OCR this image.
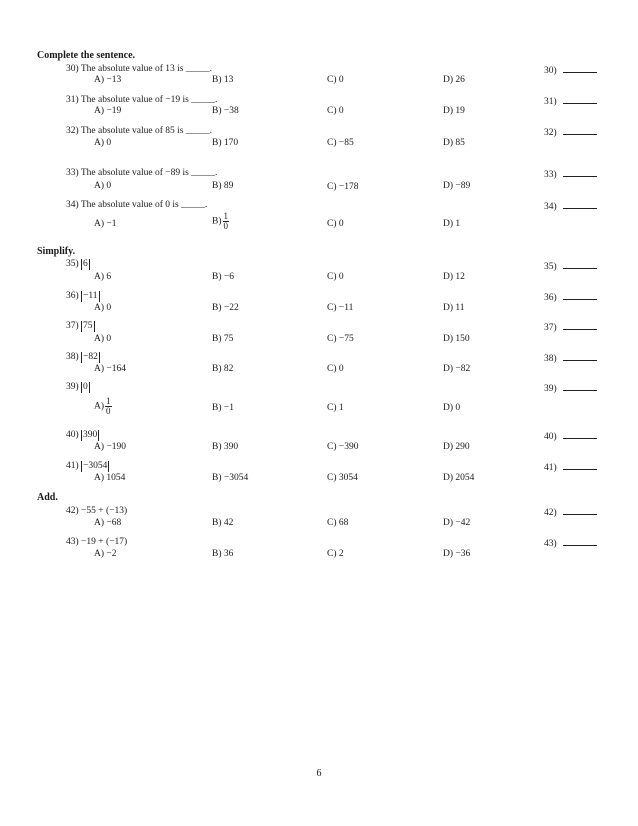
Complete the sentence.
30) The absolute value of 13 is _____.	30)
A) −13	B) 13	C) 0	D) 26
31) The absolute value of −19 is _____.	31)
A) −19	B) −38	C) 0	D) 19
32) The absolute value of 85 is _____.	32)
A) 0	B) 170	C) −85	D) 85
33) The absolute value of −89 is _____.	33)
A) 0	B) 89	C) −178	D) −89
34) The absolute value of 0 is _____.	34)
A) −1	$B) \frac{1}{0}$	C) 0	D) 1
Simplify.
35) 6	35)
A) 6	B) −6	C) 0	D) 12
36) −11	36)
A) 0	B) −22	C) −11	D) 11
37) 75	37)
A) 0	B) 75	C) −75	D) 150
38) −82	38)
A) −164	B) 82	C) 0	D) −82
39) 0	39)
$A) \frac{1}{0}$	B) −1	C) 1	D) 0
40) 390	40)
A) −190	B) 390	C) −390	D) 290
41) −3054	41)
A) 1054	B) −3054	C) 3054	D) 2054
Add.
42) −55 + (−13)	42)
A) −68	B) 42	C) 68	D) −42
43) −19 + (−17)	43)
A) −2	B) 36	C) 2	D) −36
6
